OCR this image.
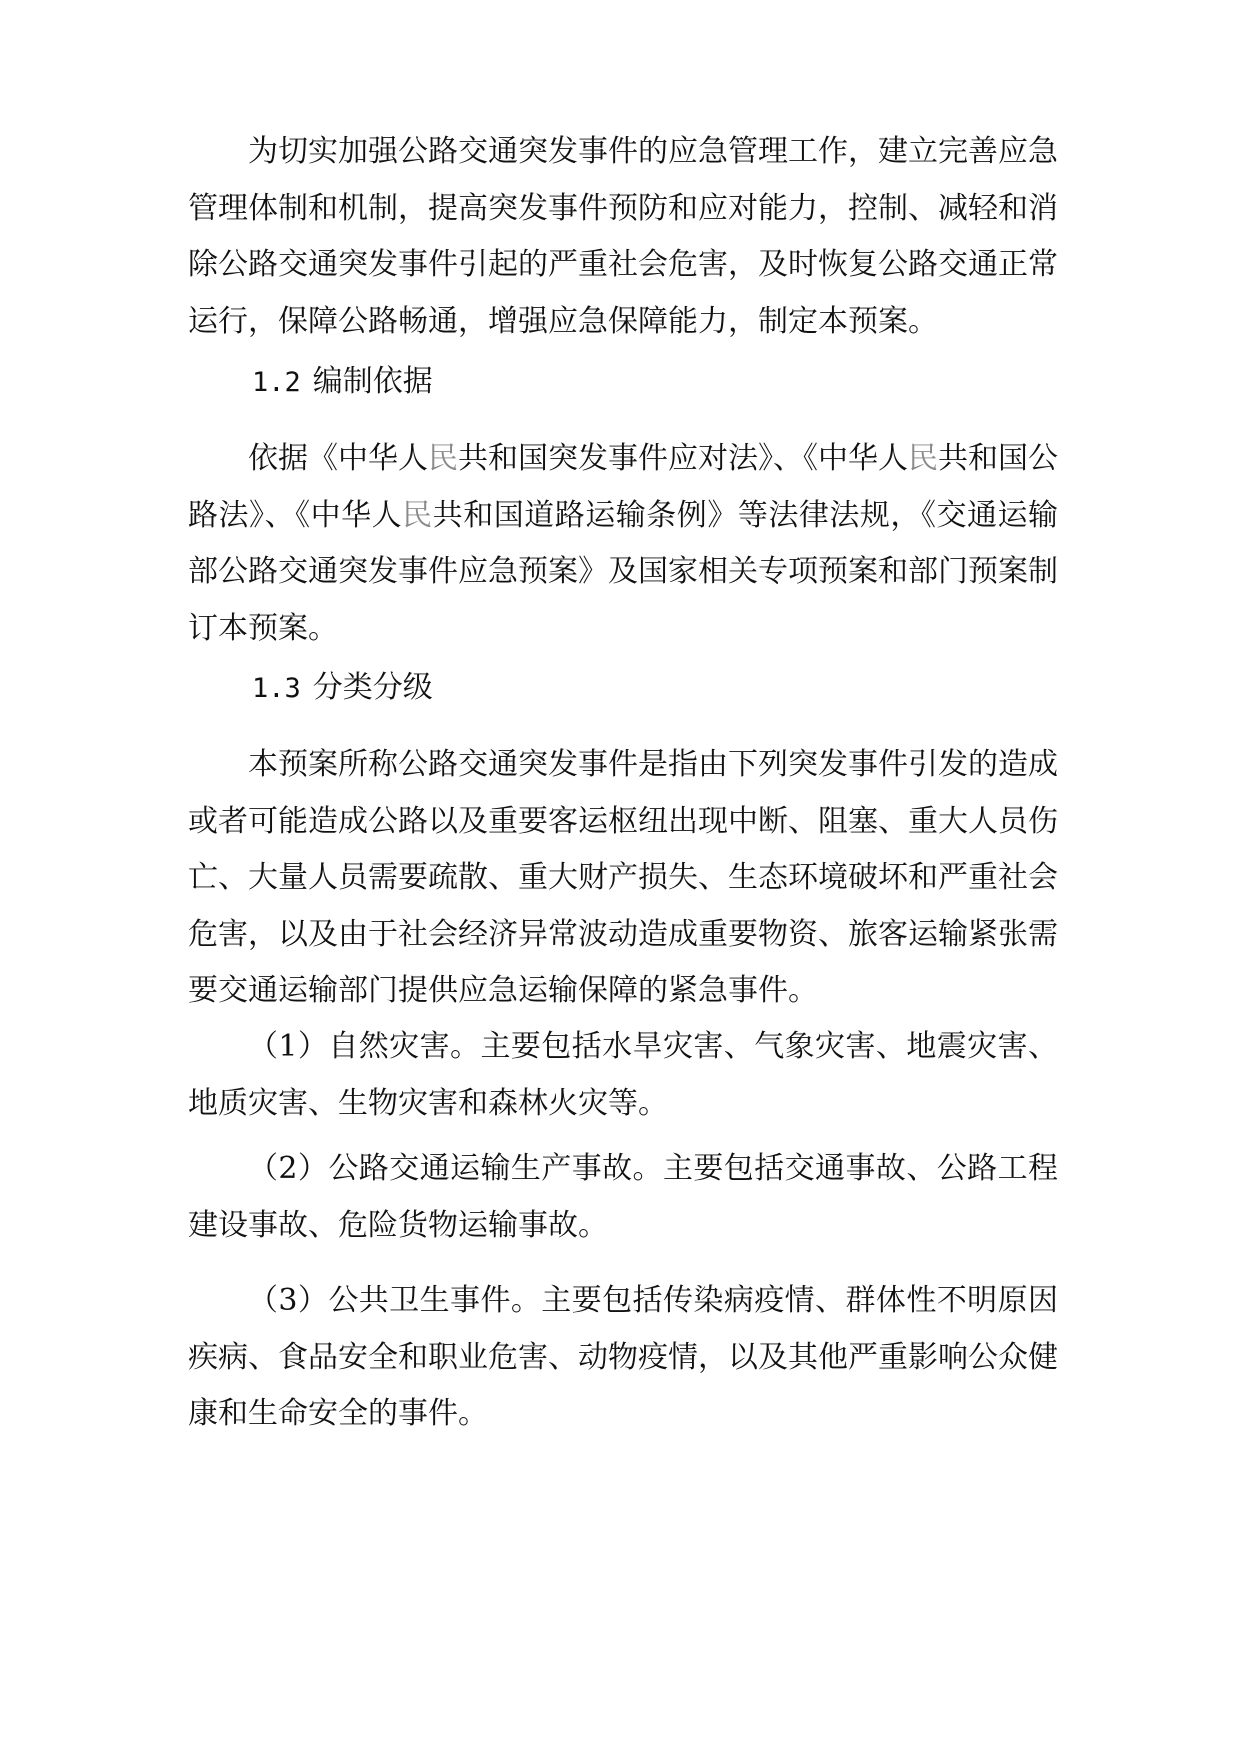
为切实加强公路交通突发事件的应急管理工作，建立完善应急管理体制和机制，提高突发事件预防和应对能力，控制、减轻和消除公路交通突发事件引起的严重社会危害，及时恢复公路交通正常运行，保障公路畅通，增强应急保障能力，制定本预案。

1.2 编制依据

依据《中华人民共和国突发事件应对法》、《中华人民共和国公路法》、《中华人民共和国道路运输条例》等法律法规，《交通运输部公路交通突发事件应急预案》及国家相关专项预案和部门预案制订本预案。

1.3 分类分级

本预案所称公路交通突发事件是指由下列突发事件引发的造成或者可能造成公路以及重要客运枢纽出现中断、阻塞、重大人员伤亡、大量人员需要疏散、重大财产损失、生态环境破坏和严重社会危害，以及由于社会经济异常波动造成重要物资、旅客运输紧张需要交通运输部门提供应急运输保障的紧急事件。

（1）自然灾害。主要包括水旱灾害、气象灾害、地震灾害、地质灾害、生物灾害和森林火灾等。

（2）公路交通运输生产事故。主要包括交通事故、公路工程建设事故、危险货物运输事故。

（3）公共卫生事件。主要包括传染病疫情、群体性不明原因疾病、食品安全和职业危害、动物疫情，以及其他严重影响公众健康和生命安全的事件。
